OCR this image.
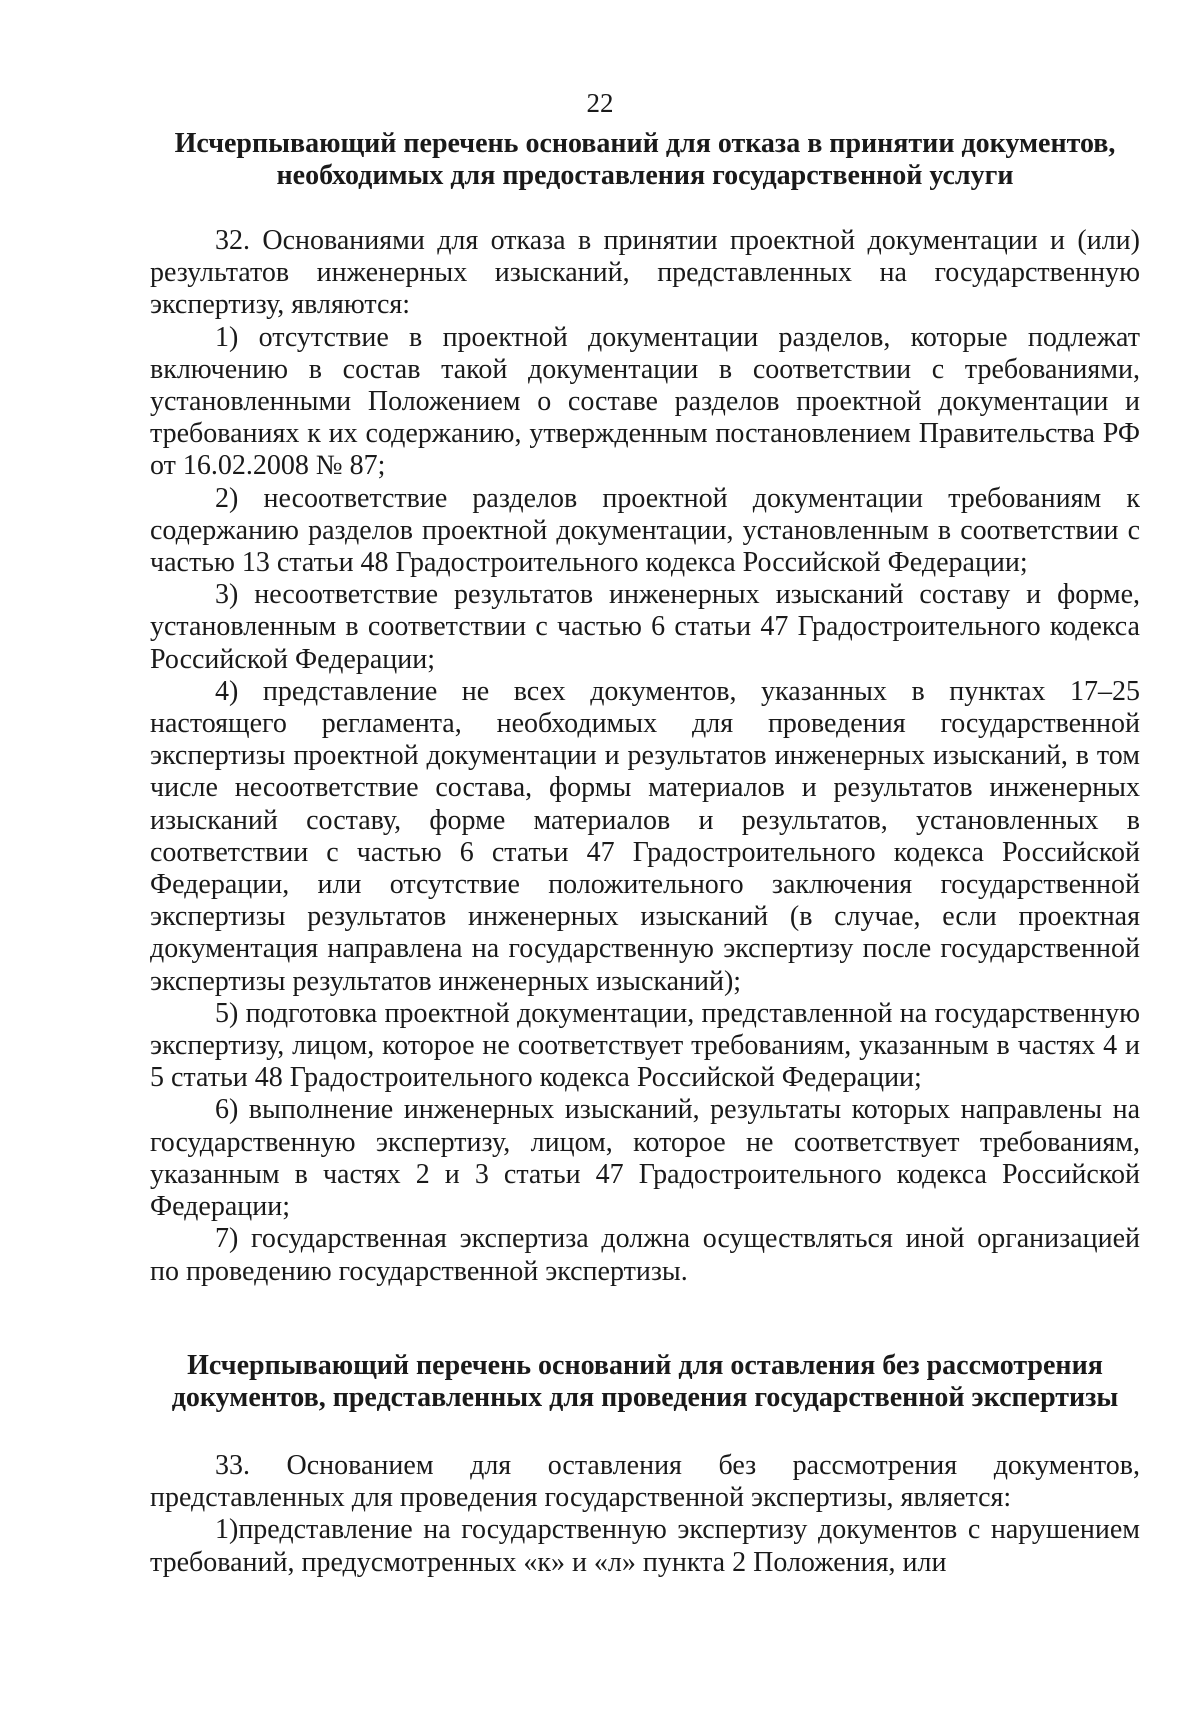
22
Исчерпывающий перечень оснований для отказа в принятии документов,
необходимых для предоставления государственной услуги

32. Основаниями для отказа в принятии проектной документации и (или) результатов инженерных изысканий, представленных на государственную экспертизу, являются:

1) отсутствие в проектной документации разделов, которые подлежат включению в состав такой документации в соответствии с требованиями, установленными Положением о составе разделов проектной документации и требованиях к их содержанию, утвержденным постановлением Правительства РФ от 16.02.2008 № 87;

2) несоответствие разделов проектной документации требованиям к содержанию разделов проектной документации, установленным в соответствии с частью 13 статьи 48 Градостроительного кодекса Российской Федерации;

3) несоответствие результатов инженерных изысканий составу и форме, установленным в соответствии с частью 6 статьи 47 Градостроительного кодекса Российской Федерации;

4) представление не всех документов, указанных в пунктах 17–25 настоящего регламента, необходимых для проведения государственной экспертизы проектной документации и результатов инженерных изысканий, в том числе несоответствие состава, формы материалов и результатов инженерных изысканий составу, форме материалов и результатов, установленных в соответствии с частью 6 статьи 47 Градостроительного кодекса Российской Федерации, или отсутствие положительного заключения государственной экспертизы результатов инженерных изысканий (в случае, если проектная документация направлена на государственную экспертизу после государственной экспертизы результатов инженерных изысканий);

5) подготовка проектной документации, представленной на государственную экспертизу, лицом, которое не соответствует требованиям, указанным в частях 4 и 5 статьи 48 Градостроительного кодекса Российской Федерации;

6) выполнение инженерных изысканий, результаты которых направлены на государственную экспертизу, лицом, которое не соответствует требованиям, указанным в частях 2 и 3 статьи 47 Градостроительного кодекса Российской Федерации;

7) государственная экспертиза должна осуществляться иной организацией по проведению государственной экспертизы.

Исчерпывающий перечень оснований для оставления без рассмотрения
документов, представленных для проведения государственной экспертизы

33. Основанием для оставления без рассмотрения документов, представленных для проведения государственной экспертизы, является:

1)представление на государственную экспертизу документов с нарушением требований, предусмотренных «к» и «л» пункта 2 Положения, или
